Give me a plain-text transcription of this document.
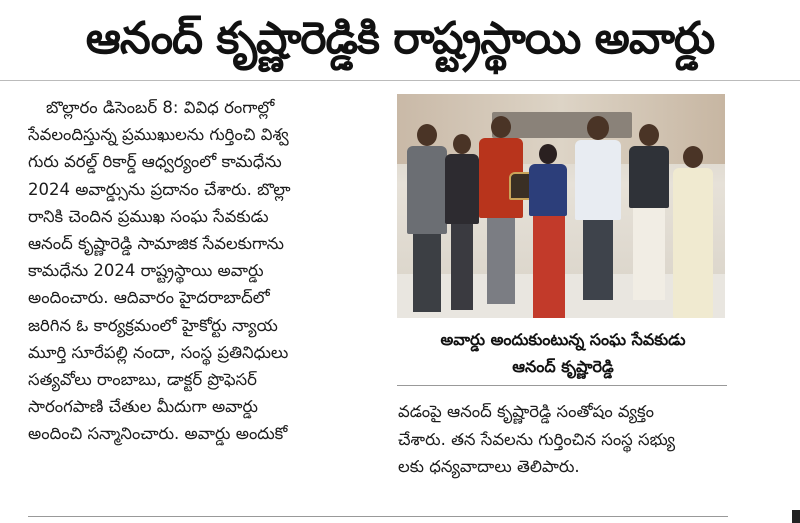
ఆనంద్ కృష్ణారెడ్డికి రాష్ట్రస్థాయి అవార్డు
బొల్లారం డిసెంబర్ 8: వివిధ రంగాల్లో
సేవలందిస్తున్న ప్రముఖులను గుర్తించి విశ్వ
గురు వరల్డ్ రికార్డ్ ఆధ్వర్యంలో కామధేను
2024 అవార్డ్సును ప్రదానం చేశారు. బొల్లా
రానికి చెందిన ప్రముఖ సంఘ సేవకుడు
ఆనంద్ కృష్ణారెడ్డి సామాజిక సేవలకుగాను
కామధేను 2024 రాష్ట్రస్థాయి అవార్డు
అందించారు. ఆదివారం హైదరాబాద్‌లో
జరిగిన ఓ కార్యక్రమంలో హైకోర్టు న్యాయ
మూర్తి సూరేపల్లి నందా, సంస్థ ప్రతినిధులు
సత్యవోలు రాంబాబు, డాక్టర్ ప్రొఫెసర్
సారంగపాణి చేతుల మీదుగా అవార్డు
అందించి సన్మానించారు. అవార్డు అందుకో
అవార్డు అందుకుంటున్న సంఘ సేవకుడు
ఆనంద్ కృష్ణారెడ్డి
వడంపై ఆనంద్ కృష్ణారెడ్డి సంతోషం వ్యక్తం
చేశారు. తన సేవలను గుర్తించిన సంస్థ సభ్యు
లకు ధన్యవాదాలు తెలిపారు.
